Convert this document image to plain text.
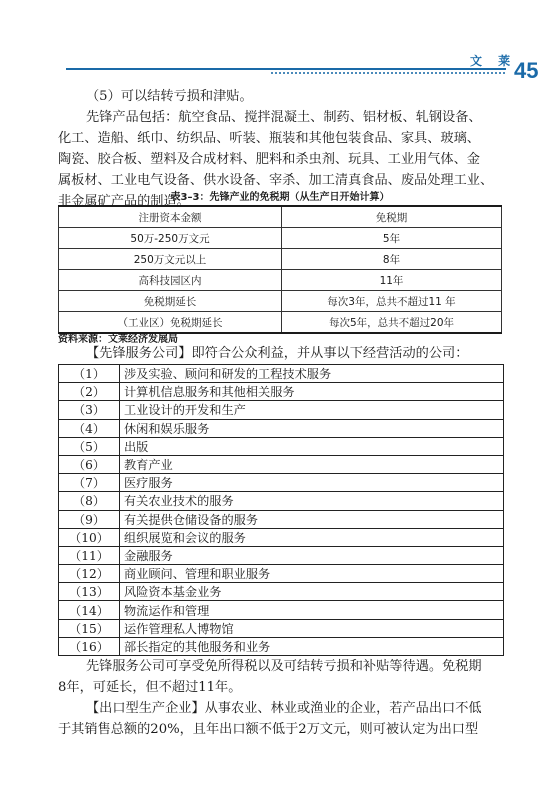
文 莱
45
（5）可以结转亏损和津贴。
先锋产品包括：航空食品、搅拌混凝土、制药、铝材板、轧钢设备、
化工、造船、纸巾、纺织品、听装、瓶装和其他包装食品、家具、玻璃、
陶瓷、胶合板、塑料及合成材料、肥料和杀虫剂、玩具、工业用气体、金
属板材、工业电气设备、供水设备、宰杀、加工清真食品、废品处理工业、
非金属矿产品的制造。
表3–3：先锋产业的免税期（从生产日开始计算）
注册资本金额	免税期
50万-250万文元	5年
250万文元以上	8年
高科技园区内	11年
免税期延长	每次3年，总共不超过11 年
（工业区）免税期延长	每次5年，总共不超过20年
资料来源：文莱经济发展局
【先锋服务公司】即符合公众利益，并从事以下经营活动的公司：
（1）	涉及实验、顾问和研发的工程技术服务
（2）	计算机信息服务和其他相关服务
（3）	工业设计的开发和生产
（4）	休闲和娱乐服务
（5）	出版
（6）	教育产业
（7）	医疗服务
（8）	有关农业技术的服务
（9）	有关提供仓储设备的服务
（10）	组织展览和会议的服务
（11）	金融服务
（12）	商业顾问、管理和职业服务
（13）	风险资本基金业务
（14）	物流运作和管理
（15）	运作管理私人博物馆
（16）	部长指定的其他服务和业务
先锋服务公司可享受免所得税以及可结转亏损和补贴等待遇。免税期
8年，可延长，但不超过11年。
【出口型生产企业】从事农业、林业或渔业的企业，若产品出口不低
于其销售总额的20%，且年出口额不低于2万文元，则可被认定为出口型
